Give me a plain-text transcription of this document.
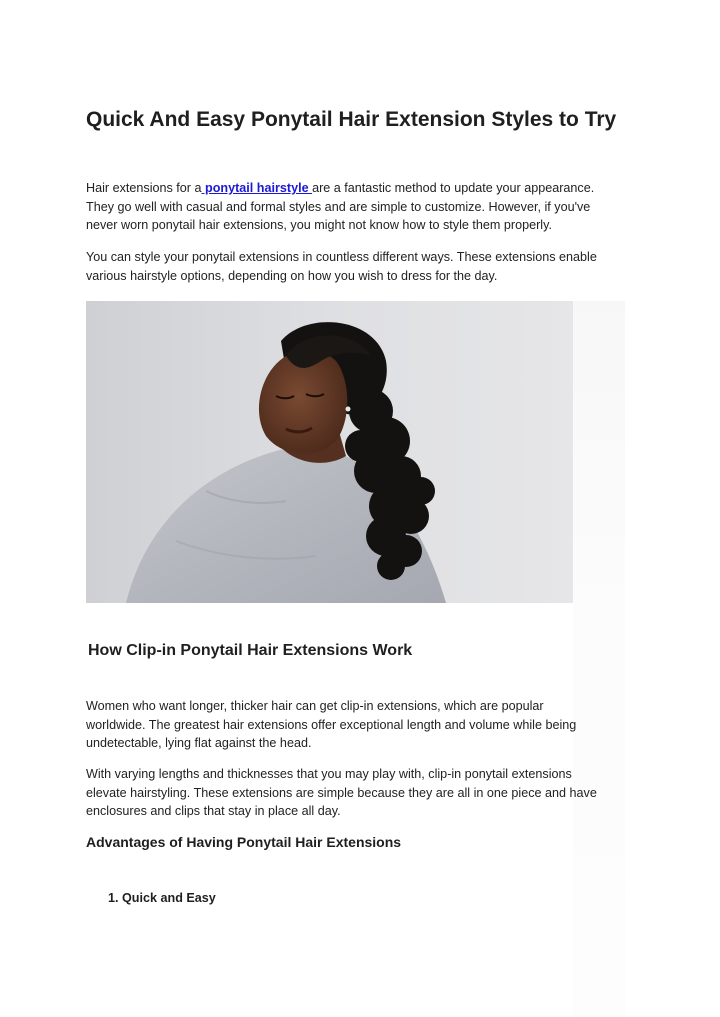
Quick And Easy Ponytail Hair Extension Styles to Try
Hair extensions for a ponytail hairstyle are a fantastic method to update your appearance.
They go well with casual and formal styles and are simple to customize. However, if you've
never worn ponytail hair extensions, you might not know how to style them properly.
You can style your ponytail extensions in countless different ways. These extensions enable
various hairstyle options, depending on how you wish to dress for the day.
How Clip-in Ponytail Hair Extensions Work
Women who want longer, thicker hair can get clip-in extensions, which are popular
worldwide. The greatest hair extensions offer exceptional length and volume while being
undetectable, lying flat against the head.
With varying lengths and thicknesses that you may play with, clip-in ponytail extensions
elevate hairstyling. These extensions are simple because they are all in one piece and have
enclosures and clips that stay in place all day.
Advantages of Having Ponytail Hair Extensions
1. Quick and Easy
